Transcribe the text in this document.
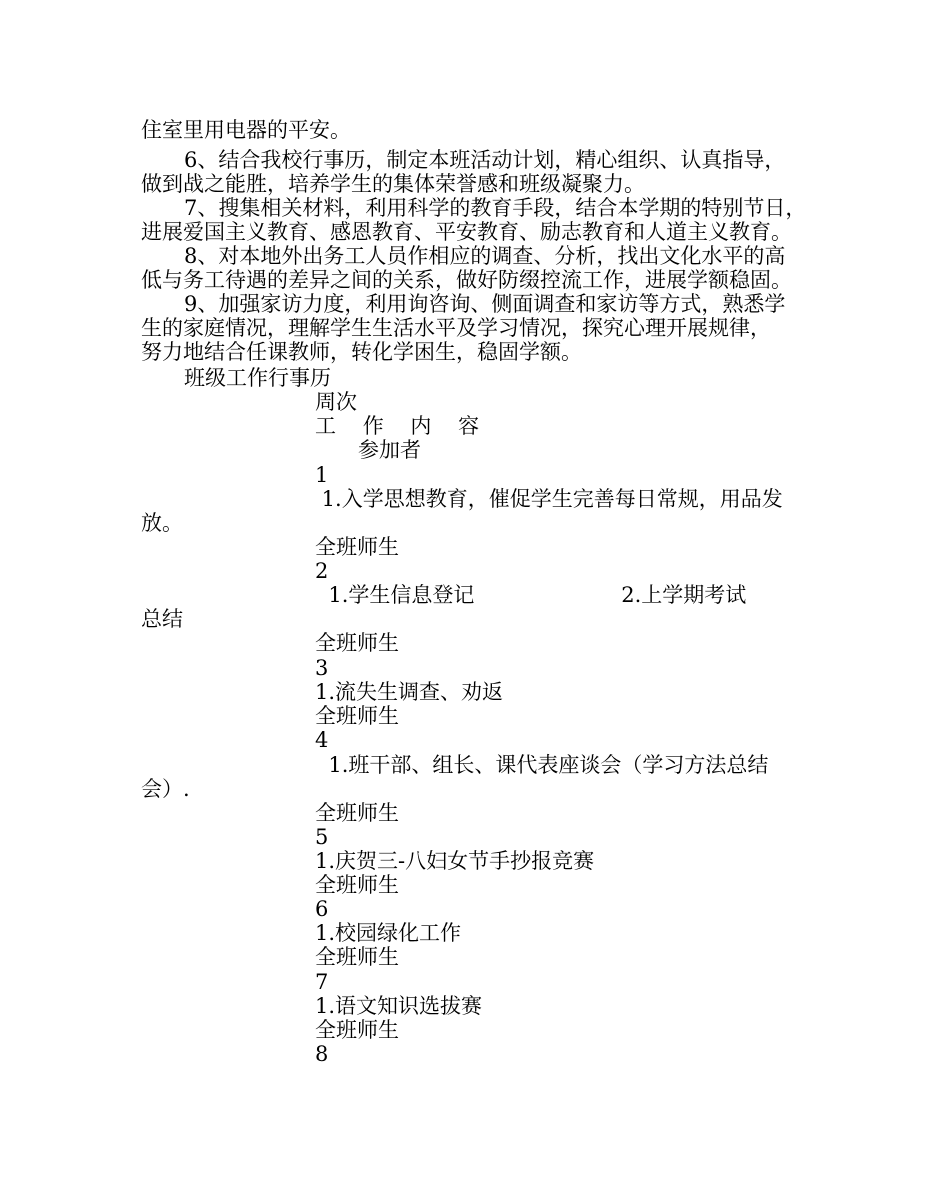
住室里用电器的平安。

6、结合我校行事历，制定本班活动计划，精心组织、认真指导，

做到战之能胜，培养学生的集体荣誉感和班级凝聚力。

7、搜集相关材料，利用科学的教育手段，结合本学期的特别节日，

进展爱国主义教育、感恩教育、平安教育、励志教育和人道主义教育。

8、对本地外出务工人员作相应的调查、分析，找出文化水平的高

低与务工待遇的差异之间的关系，做好防缀控流工作，进展学额稳固。

9、加强家访力度，利用询咨询、侧面调查和家访等方式，熟悉学

生的家庭情况，理解学生生活水平及学习情况，探究心理开展规律，

努力地结合任课教师，转化学困生，稳固学额。

班级工作行事历

周次

工    作    内    容

参加者

1

1.入学思想教育，催促学生完善每日常规，用品发

放。

全班师生

2

1.学生信息登记                      2.上学期考试

总结

全班师生

3

1.流失生调查、劝返

全班师生

4

1.班干部、组长、课代表座谈会（学习方法总结

会）.

全班师生

5

1.庆贺三-八妇女节手抄报竞赛

全班师生

6

1.校园绿化工作

全班师生

7

1.语文知识选拔赛

全班师生

8
